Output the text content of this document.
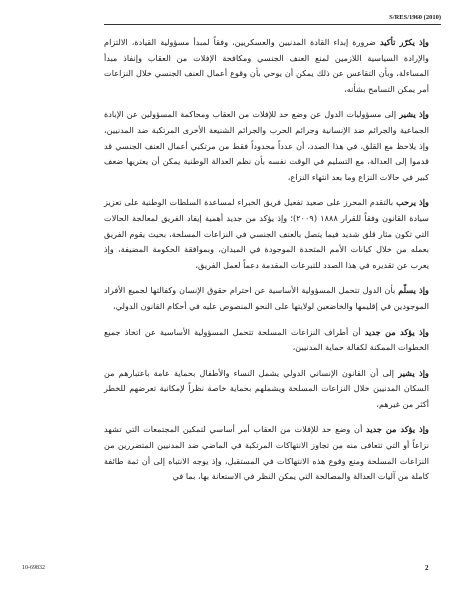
S/RES/1960 (2010)

وإذ يكرّر تأكيد ضرورة إبداء القادة المدنيين والعسكريين، وفقاً لمبدأ مسؤولية القيادة، الالتزام والإرادة السياسية اللازمين لمنع العنف الجنسي ومكافحة الإفلات من العقاب وإنفاذ مبدأ المساءلة، وبأن التقاعس عن ذلك يمكن أن يوحي بأن وقوع أعمال العنف الجنسي خلال النزاعات أمر يمكن التسامح بشأنه،

وإذ يشير إلى مسؤوليات الدول عن وضع حد للإفلات من العقاب ومحاكمة المسؤولين عن الإبادة الجماعية والجرائم ضد الإنسانية وجرائم الحرب والجرائم الشنيعة الأخرى المرتكبة ضد المدنيين، وإذ يلاحظ مع القلق، في هذا الصدد، أن عدداً محدوداً فقط من مرتكبي أعمال العنف الجنسي قد قدموا إلى العدالة، مع التسليم في الوقت نفسه بأن نظم العدالة الوطنية يمكن أن يعتريها ضعف كبير في حالات النزاع وما بعد انتهاء النزاع،

وإذ يرحب بالتقدم المحرز على صعيد تفعيل فريق الخبراء لمساعدة السلطات الوطنية على تعزيز سيادة القانون وفقاً للقرار ١٨٨٨ (٢٠٠٩)؛ وإذ يؤكد من جديد أهمية إيفاد الفريق لمعالجة الحالات التي تكون مثار قلق شديد فيما يتصل بالعنف الجنسي في النزاعات المسلحة، بحيث يقوم الفريق بعمله من خلال كيانات الأمم المتحدة الموجودة في الميدان، وبموافقة الحكومة المضيفة، وإذ يعرب عن تقديره في هذا الصدد للتبرعات المقدمة دعماً لعمل الفريق،

وإذ يسلّم بأن الدول تتحمل المسؤولية الأساسية عن احترام حقوق الإنسان وكفالتها لجميع الأفراد الموجودين في إقليمها والخاضعين لولايتها على النحو المنصوص عليه في أحكام القانون الدولي،

وإذ يؤكد من جديد أن أطراف النزاعات المسلحة تتحمل المسؤولية الأساسية عن اتخاذ جميع الخطوات الممكنة لكفالة حماية المدنيين،

وإذ يشير إلى أن القانون الإنساني الدولي يشمل النساء والأطفال بحماية عامة باعتبارهم من السكان المدنيين خلال النزاعات المسلحة ويشملهم بحماية خاصة نظراً لإمكانية تعرضهم للخطر أكثر من غيرهم،

وإذ يؤكد من جديد أن وضع حد للإفلات من العقاب أمر أساسي لتمكين المجتمعات التي تشهد نزاعاً أو التي تتعافى منه من تجاوز الانتهاكات المرتكبة في الماضي ضد المدنيين المتضررين من النزاعات المسلحة ومنع وقوع هذه الانتهاكات في المستقبل، وإذ يوجه الانتباه إلى أن ثمة طائفة كاملة من آليات العدالة والمصالحة التي يمكن النظر في الاستعانة بها، بما في

10-69832	2
